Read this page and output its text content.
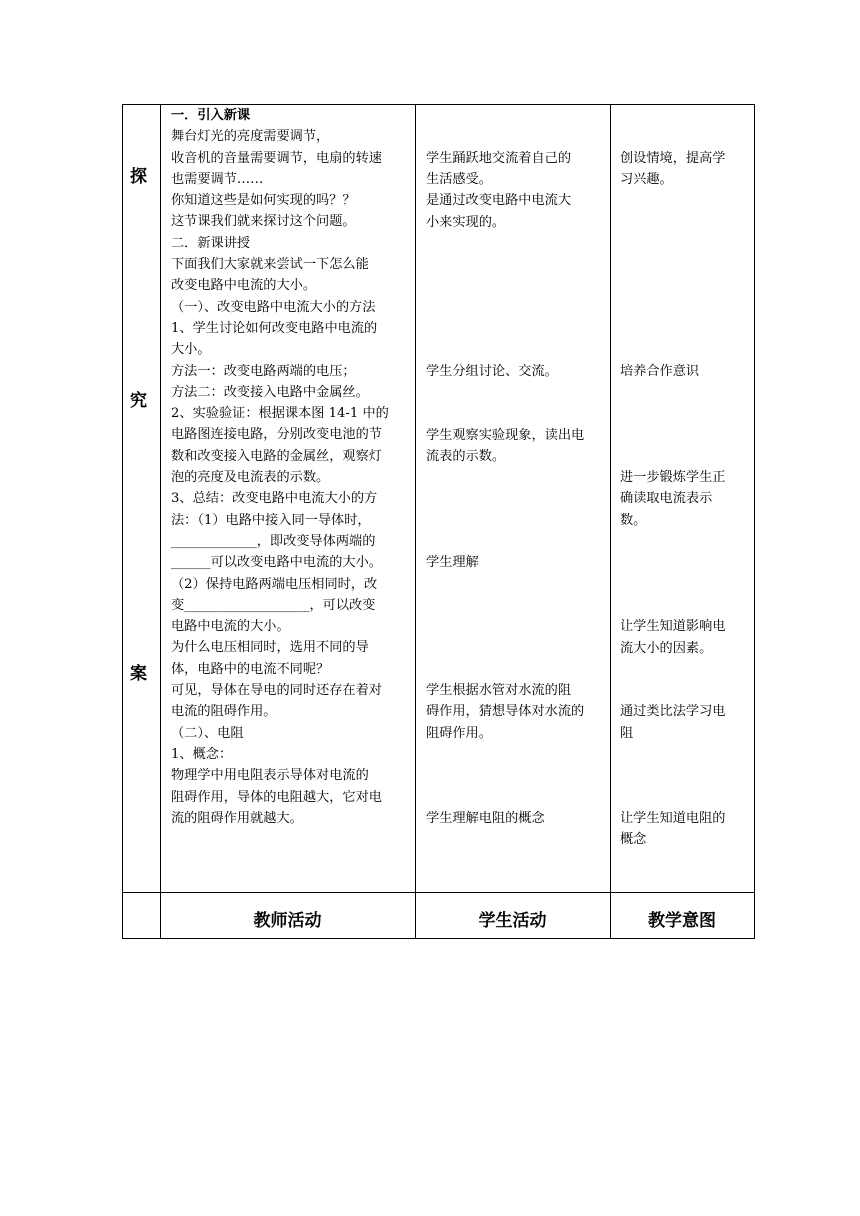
探
究
案
一．引入新课
舞台灯光的亮度需要调节，
收音机的音量需要调节，电扇的转速
也需要调节……
你知道这些是如何实现的吗？？
这节课我们就来探讨这个问题。
二．新课讲授
下面我们大家就来尝试一下怎么能
改变电路中电流的大小。
（一）、改变电路中电流大小的方法
1、学生讨论如何改变电路中电流的
大小。
方法一：改变电路两端的电压；
方法二：改变接入电路中金属丝。
2、实验验证：根据课本图 14-1 中的
电路图连接电路，分别改变电池的节
数和改变接入电路的金属丝，观察灯
泡的亮度及电流表的示数。
3、总结：改变电路中电流大小的方
法：（1）电路中接入同一导体时，
_____________，即改变导体两端的
______可以改变电路中电流的大小。
（2）保持电路两端电压相同时，改
变___________________，可以改变
电路中电流的大小。
为什么电压相同时，选用不同的导
体，电路中的电流不同呢？
可见，导体在导电的同时还存在着对
电流的阻碍作用。
（二）、电阻
1、概念：
物理学中用电阻表示导体对电流的
阻碍作用，导体的电阻越大，它对电
流的阻碍作用就越大。
学生踊跃地交流着自己的
生活感受。
是通过改变电路中电流大
小来实现的。
学生分组讨论、交流。
学生观察实验现象，读出电
流表的示数。
学生理解
学生根据水管对水流的阻
碍作用，猜想导体对水流的
阻碍作用。
学生理解电阻的概念
创设情境，提高学
习兴趣。
培养合作意识
进一步锻炼学生正
确读取电流表示
数。
让学生知道影响电
流大小的因素。
通过类比法学习电
阻
让学生知道电阻的
概念
教师活动	学生活动	教学意图
